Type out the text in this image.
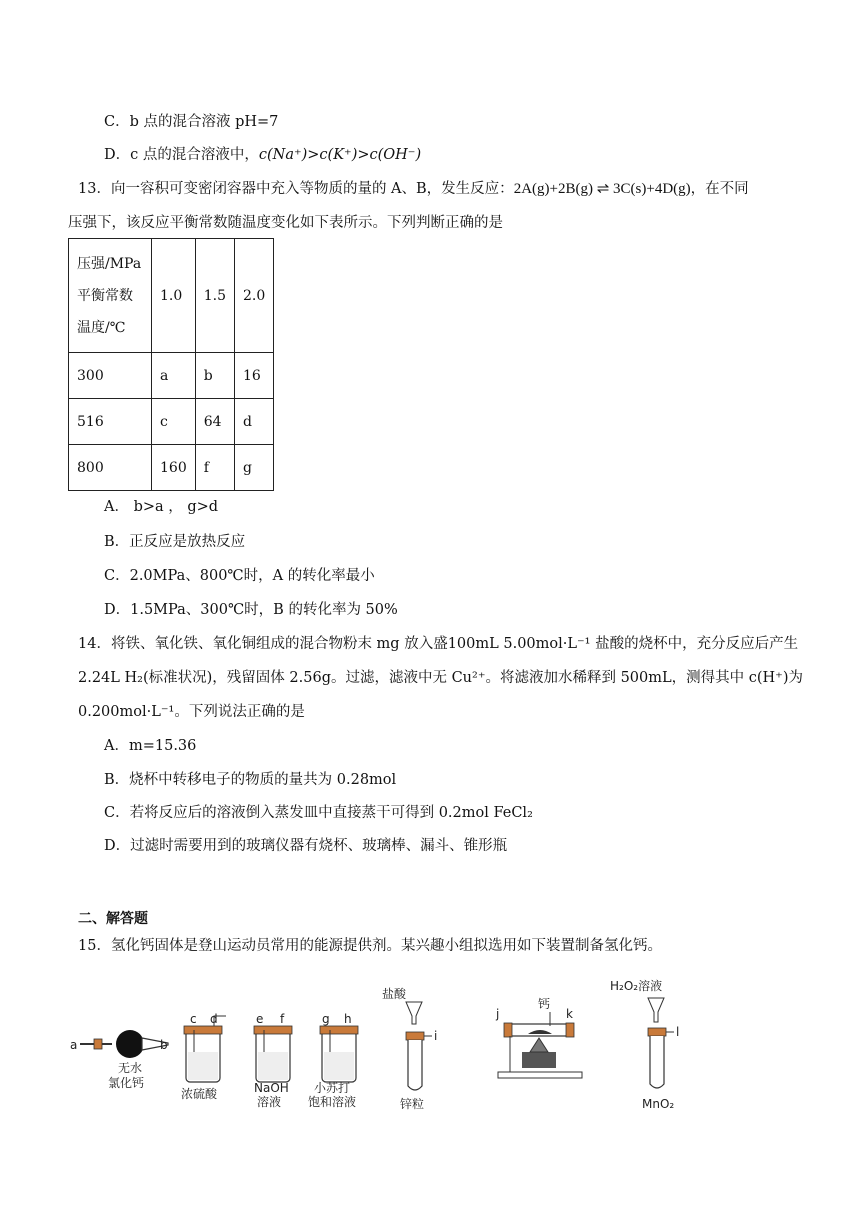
C．b 点的混合溶液 pH=7
D．c 点的混合溶液中，c(Na⁺)>c(K⁺)>c(OH⁻)
13．向一容积可变密闭容器中充入等物质的量的 A、B，发生反应：2A(g)+2B(g) ⇌ 3C(s)+4D(g)，在不同
压强下，该反应平衡常数随温度变化如下表所示。下列判断正确的是
压强/MPa
平衡常数
温度/℃	1.0	1.5	2.0
300	a	b	16
516	c	64	d
800	160	f	g
A． b>a ， g>d
B．正反应是放热反应
C．2.0MPa、800℃时，A 的转化率最小
D．1.5MPa、300℃时，B 的转化率为 50%
14．将铁、氧化铁、氧化铜组成的混合物粉末 mg 放入盛100mL 5.00mol·L⁻¹ 盐酸的烧杯中，充分反应后产生
2.24L H₂(标准状况)，残留固体 2.56g。过滤，滤液中无 Cu²⁺。将滤液加水稀释到 500mL，测得其中 c(H⁺)为
0.200mol·L⁻¹。下列说法正确的是
A．m=15.36
B．烧杯中转移电子的物质的量共为 0.28mol
C．若将反应后的溶液倒入蒸发皿中直接蒸干可得到 0.2mol FeCl₂
D．过滤时需要用到的玻璃仪器有烧杯、玻璃棒、漏斗、锥形瓶
二、解答题
15．氢化钙固体是登山运动员常用的能源提供剂。某兴趣小组拟选用如下装置制备氢化钙。
a	b
无水
氯化钙
c d
浓硫酸
e f
NaOH
溶液
g h
小苏打
饱和溶液
盐酸
i
锌粒
j
钙
k
H₂O₂溶液
l
MnO₂
